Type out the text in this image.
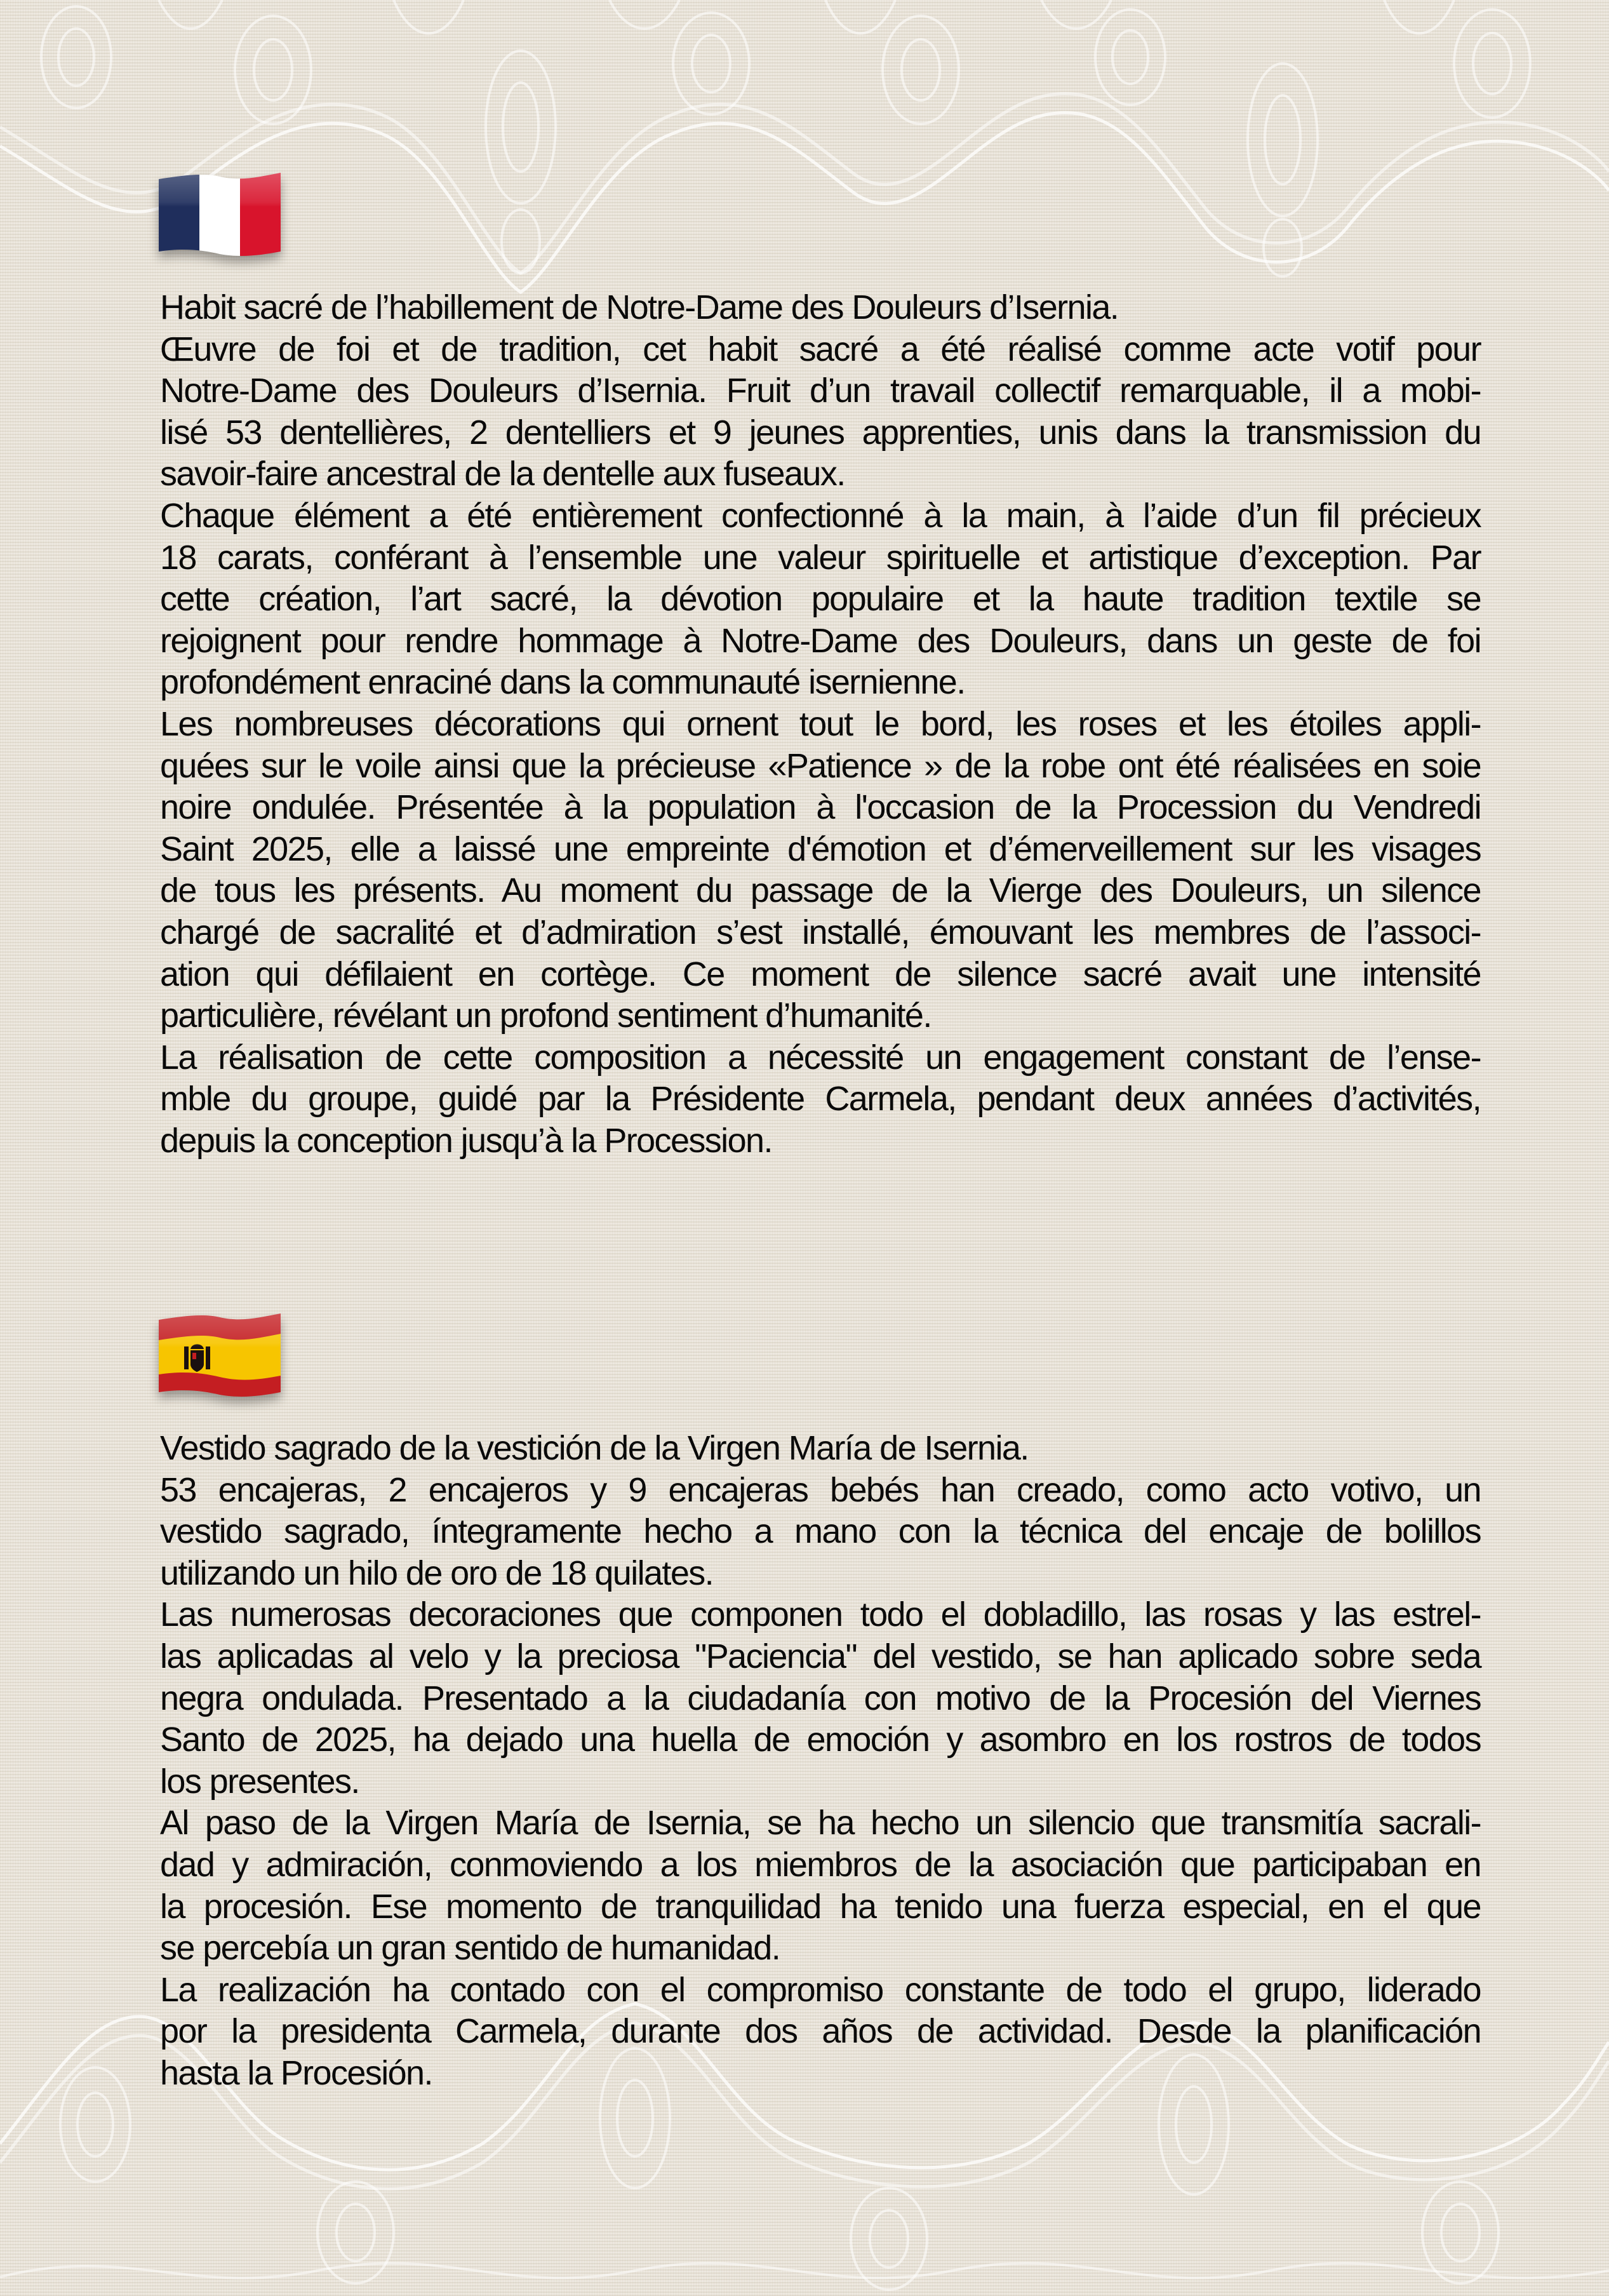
Habit sacré de l’habillement de Notre-Dame des Douleurs d’Isernia.
Œuvre de foi et de tradition, cet habit sacré a été réalisé comme acte votif pour
Notre-Dame des Douleurs d’Isernia. Fruit d’un travail collectif remarquable, il a mobi-
lisé 53 dentellières, 2 dentelliers et 9 jeunes apprenties, unis dans la transmission du
savoir-faire ancestral de la dentelle aux fuseaux.
Chaque élément a été entièrement confectionné à la main, à l’aide d’un fil précieux
18 carats, conférant à l’ensemble une valeur spirituelle et artistique d’exception. Par
cette création, l’art sacré, la dévotion populaire et la haute tradition textile se
rejoignent pour rendre hommage à Notre-Dame des Douleurs, dans un geste de foi
profondément enraciné dans la communauté isernienne.
Les nombreuses décorations qui ornent tout le bord, les roses et les étoiles appli-
quées sur le voile ainsi que la précieuse «Patience » de la robe ont été réalisées en soie
noire ondulée. Présentée à la population à l'occasion de la Procession du Vendredi
Saint 2025, elle a laissé une empreinte d'émotion et d’émerveillement sur les visages
de tous les présents. Au moment du passage de la Vierge des Douleurs, un silence
chargé de sacralité et d’admiration s’est installé, émouvant les membres de l’associ-
ation qui défilaient en cortège. Ce moment de silence sacré avait une intensité
particulière, révélant un profond sentiment d’humanité.
La réalisation de cette composition a nécessité un engagement constant de l’ense-
mble du groupe, guidé par la Présidente Carmela, pendant deux années d’activités,
depuis la conception jusqu’à la Procession.
Vestido sagrado de la vestición de la Virgen María de Isernia.
53 encajeras, 2 encajeros y 9 encajeras bebés han creado, como acto votivo, un
vestido sagrado, íntegramente hecho a mano con la técnica del encaje de bolillos
utilizando un hilo de oro de 18 quilates.
Las numerosas decoraciones que componen todo el dobladillo, las rosas y las estrel-
las aplicadas al velo y la preciosa "Paciencia" del vestido, se han aplicado sobre seda
negra ondulada. Presentado a la ciudadanía con motivo de la Procesión del Viernes
Santo de 2025, ha dejado una huella de emoción y asombro en los rostros de todos
los presentes.
Al paso de la Virgen María de Isernia, se ha hecho un silencio que transmitía sacrali-
dad y admiración, conmoviendo a los miembros de la asociación que participaban en
la procesión. Ese momento de tranquilidad ha tenido una fuerza especial, en el que
se percebía un gran sentido de humanidad.
La realización ha contado con el compromiso constante de todo el grupo, liderado
por la presidenta Carmela, durante dos años de actividad. Desde la planificación
hasta la Procesión.
